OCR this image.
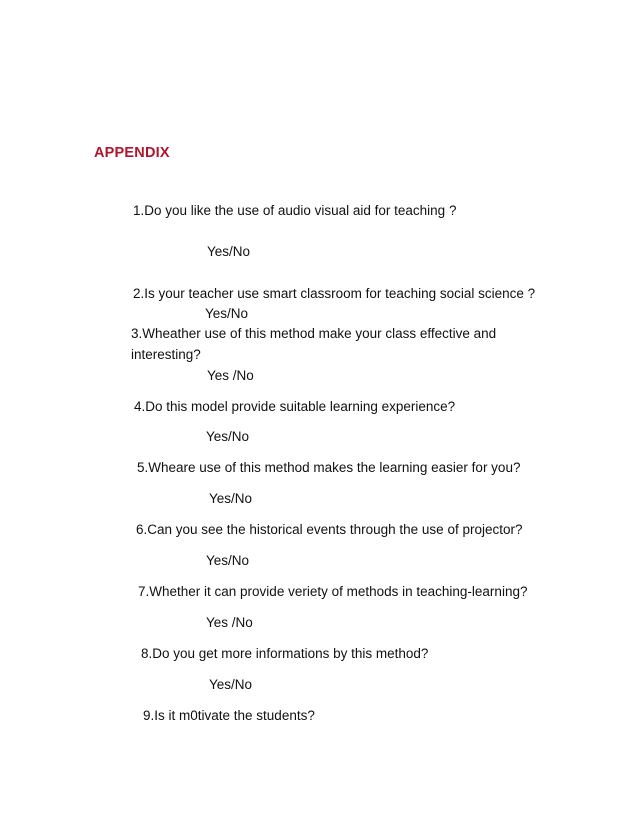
APPENDIX

1.Do you like the use of audio visual aid for teaching ?

Yes/No

2.Is your teacher use smart classroom for teaching social science ?

Yes/No

3.Wheather use of this method make your class effective and

interesting?

Yes /No

4.Do this model provide suitable learning experience?

Yes/No

5.Wheare use of this method makes the learning easier for you?

Yes/No

6.Can you see the historical events through the use of projector?

Yes/No

7.Whether it can provide veriety of methods in teaching-learning?

Yes /No

8.Do you get more informations by this method?

Yes/No

9.Is it m0tivate the students?
